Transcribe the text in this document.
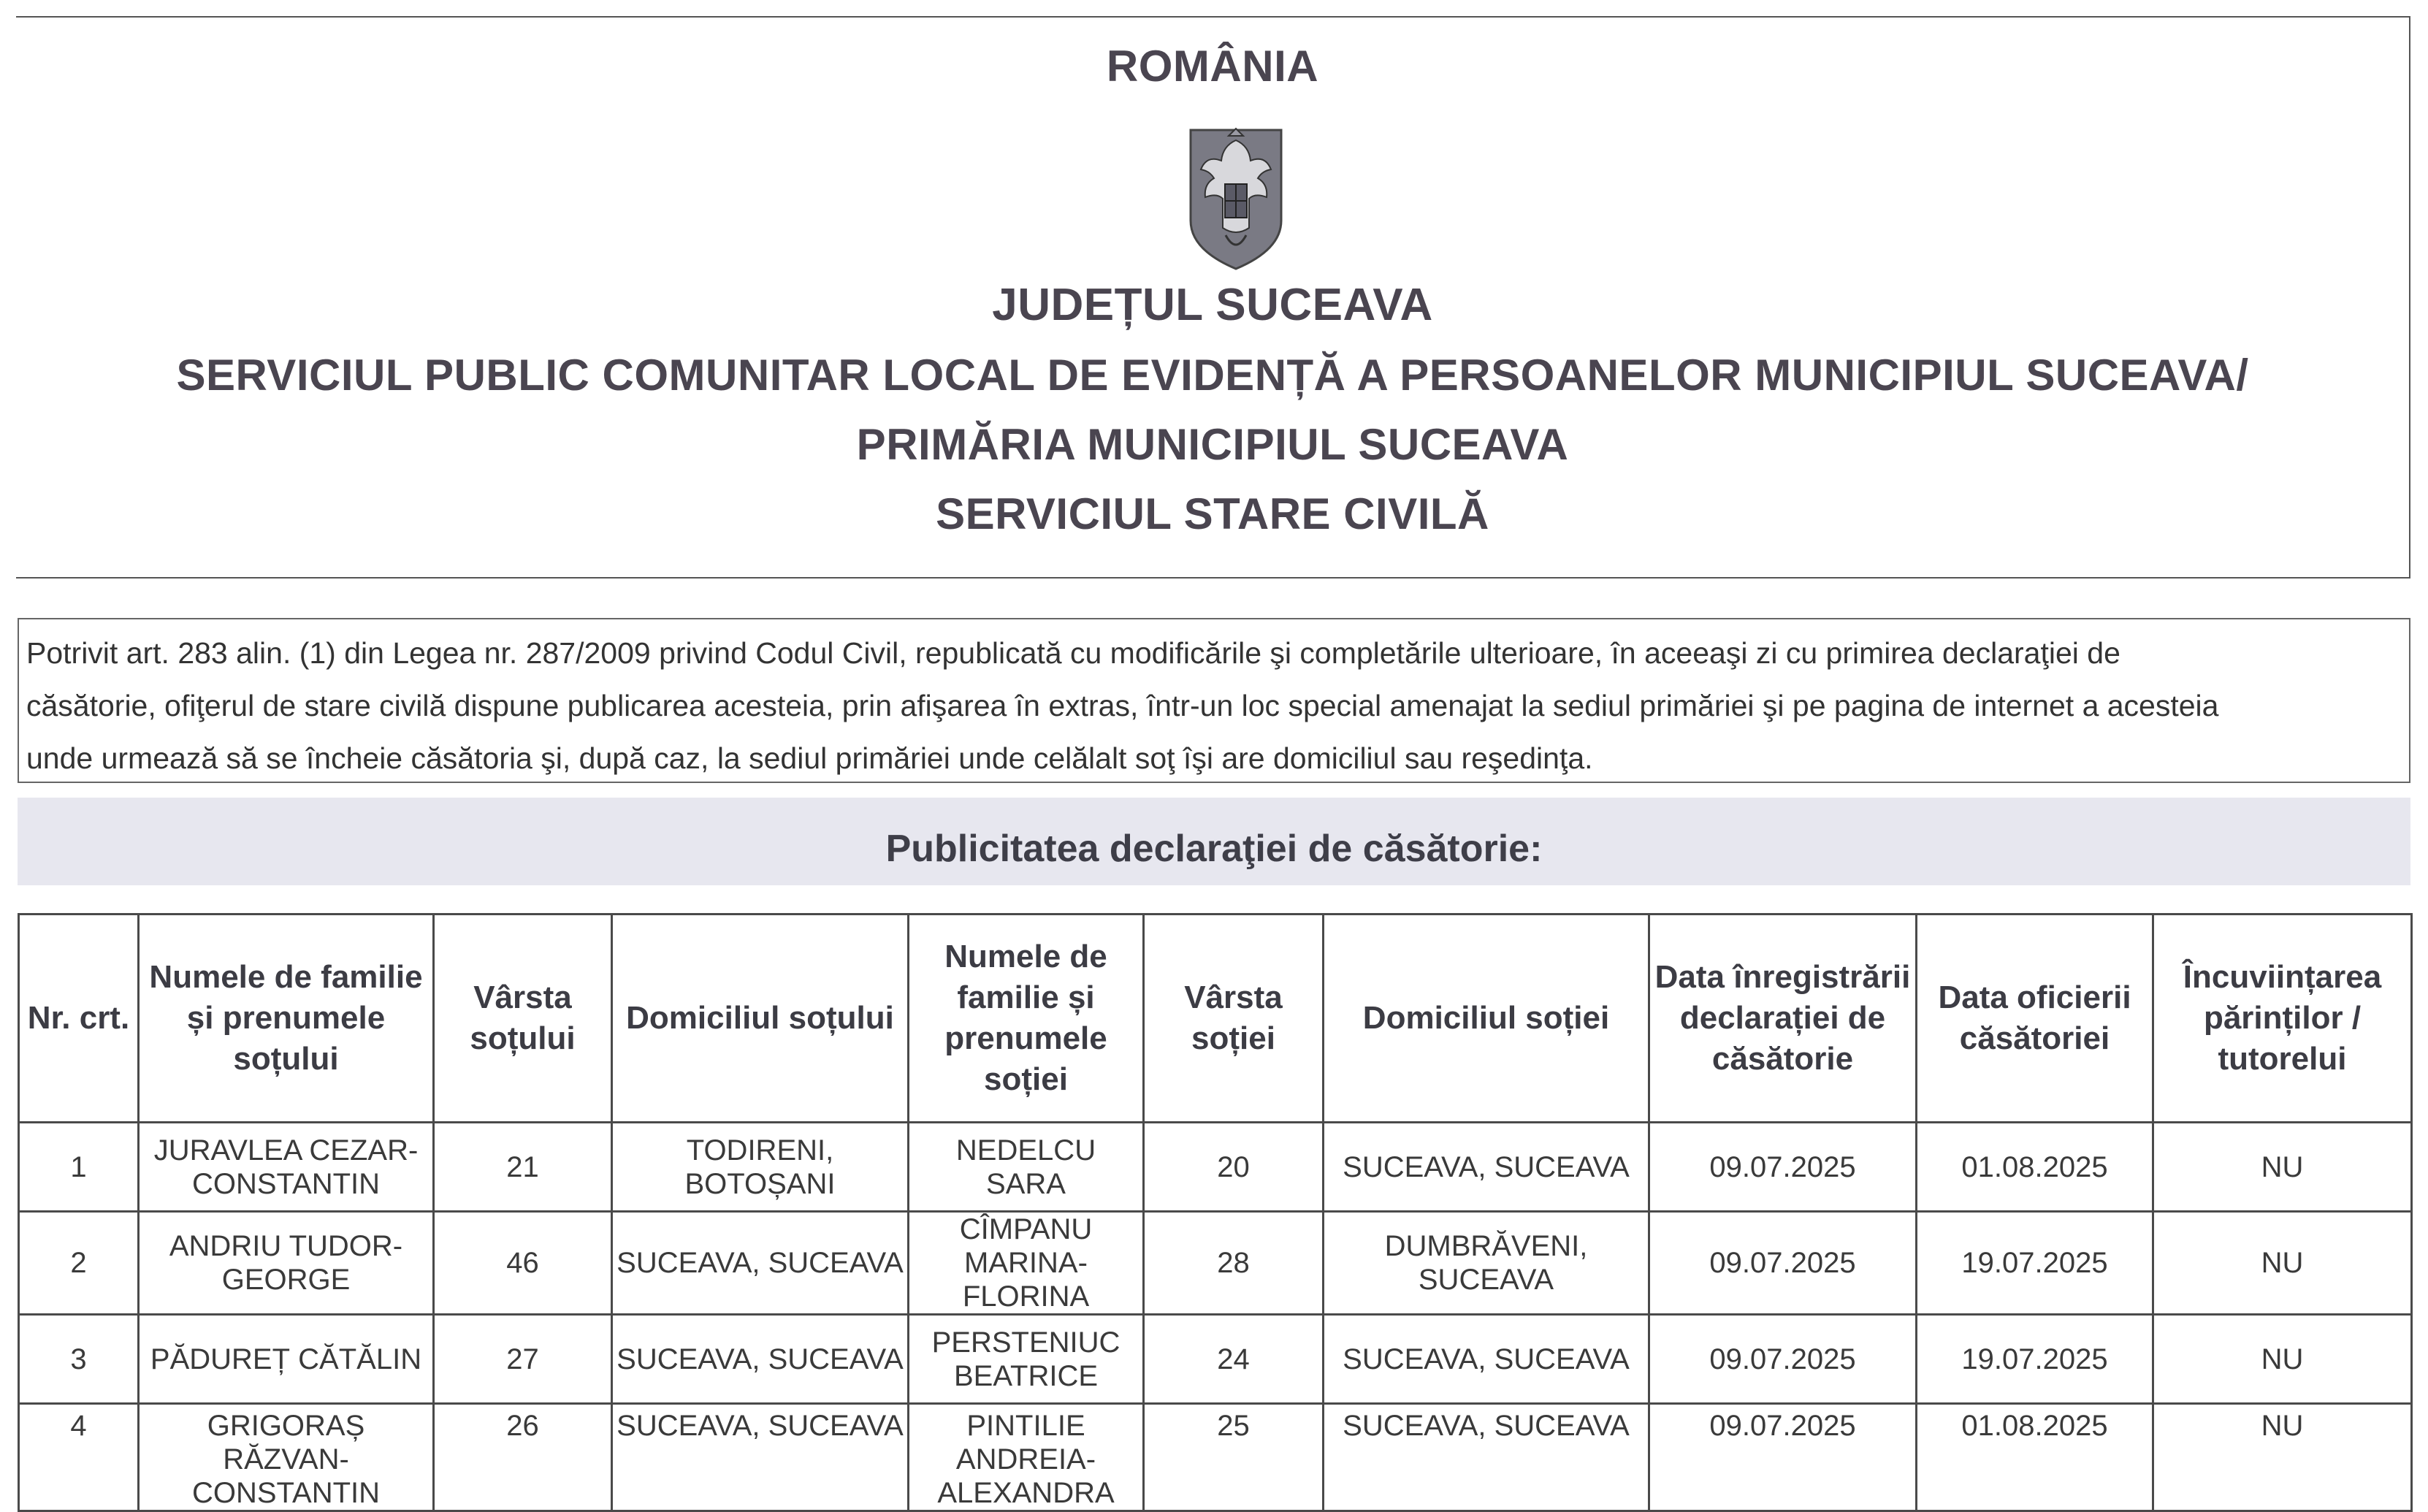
ROMÂNIA
JUDEȚUL SUCEAVA
SERVICIUL PUBLIC COMUNITAR LOCAL DE EVIDENȚĂ A PERSOANELOR MUNICIPIUL SUCEAVA/
PRIMĂRIA MUNICIPIUL SUCEAVA
SERVICIUL STARE CIVILĂ

Potrivit art. 283 alin. (1) din Legea nr. 287/2009 privind Codul Civil, republicată cu modificările şi completările ulterioare, în aceeaşi zi cu primirea declaraţiei de

căsătorie, ofiţerul de stare civilă dispune publicarea acesteia, prin afişarea în extras, într-un loc special amenajat la sediul primăriei şi pe pagina de internet a acesteia

unde urmează să se încheie căsătoria şi, după caz, la sediul primăriei unde celălalt soţ îşi are domiciliul sau reşedinţa.

Publicitatea declaraţiei de căsătorie:
Nr. crt.	Numele de familie și prenumele soțului	Vârsta soțului	Domiciliul soțului	Numele de familie și prenumele soției	Vârsta soției	Domiciliul soției	Data înregistrării declarației de căsătorie	Data oficierii căsătoriei	Încuviințarea părinților / tutorelui
1	JURAVLEA CEZAR-CONSTANTIN	21	TODIRENI, BOTOȘANI	NEDELCU SARA	20	SUCEAVA, SUCEAVA	09.07.2025	01.08.2025	NU
2	ANDRIU TUDOR-GEORGE	46	SUCEAVA, SUCEAVA	CÎMPANU MARINA-FLORINA	28	DUMBRĂVENI, SUCEAVA	09.07.2025	19.07.2025	NU
3	PĂDUREȚ CĂTĂLIN	27	SUCEAVA, SUCEAVA	PERSTENIUC BEATRICE	24	SUCEAVA, SUCEAVA	09.07.2025	19.07.2025	NU
4	GRIGORAȘ RĂZVAN-CONSTANTIN	26	SUCEAVA, SUCEAVA	PINTILIE ANDREIA-ALEXANDRA	25	SUCEAVA, SUCEAVA	09.07.2025	01.08.2025	NU
